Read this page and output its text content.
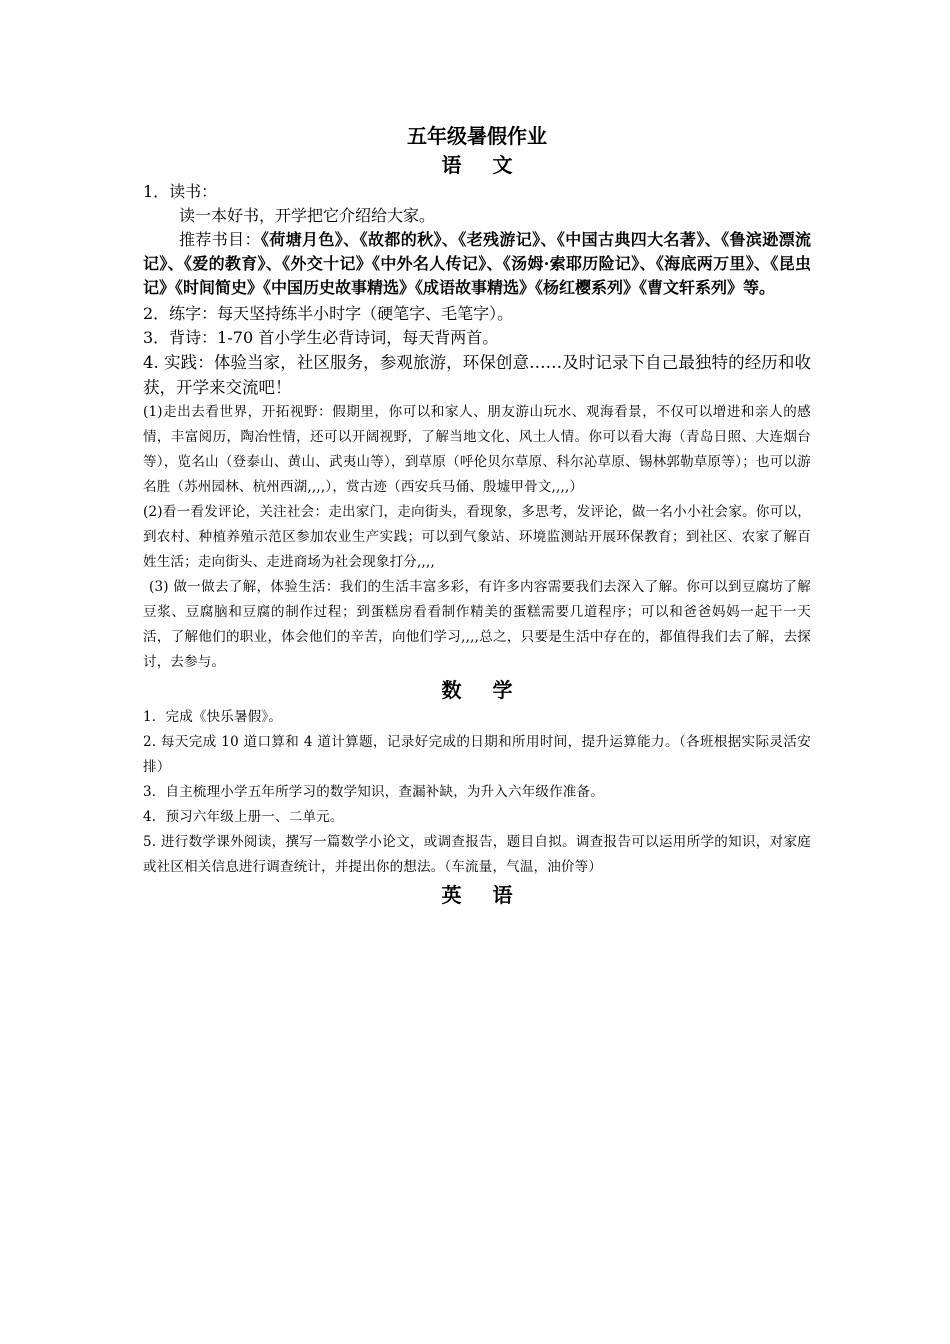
五年级暑假作业
语 文

1．读书：

读一本好书，开学把它介绍给大家。

推荐书目：《荷塘月色》、《故都的秋》、《老残游记》、《中国古典四大名著》、《鲁滨逊漂流记》、《爱的教育》、《外交十记》《中外名人传记》、《汤姆·索耶历险记》、《海底两万里》、《昆虫记》《时间简史》《中国历史故事精选》《成语故事精选》《杨红樱系列》《曹文轩系列》等。

2．练字：每天坚持练半小时字（硬笔字、毛笔字）。

3．背诗：1-70 首小学生必背诗词，每天背两首。

4. 实践：体验当家，社区服务，参观旅游，环保创意……及时记录下自己最独特的经历和收获，开学来交流吧！

(1)走出去看世界，开拓视野：假期里，你可以和家人、朋友游山玩水、观海看景，不仅可以增进和亲人的感情，丰富阅历，陶冶性情，还可以开阔视野，了解当地文化、风土人情。你可以看大海（青岛日照、大连烟台等），览名山（登泰山、黄山、武夷山等），到草原（呼伦贝尔草原、科尔沁草原、锡林郭勒草原等）；也可以游名胜（苏州园林、杭州西湖,,,,），赏古迹（西安兵马俑、殷墟甲骨文,,,,）

(2)看一看发评论，关注社会：走出家门，走向街头，看现象，多思考，发评论，做一名小小社会家。你可以，到农村、种植养殖示范区参加农业生产实践；可以到气象站、环境监测站开展环保教育；到社区、农家了解百姓生活；走向街头、走进商场为社会现象打分,,,,

(3) 做一做去了解，体验生活：我们的生活丰富多彩，有许多内容需要我们去深入了解。你可以到豆腐坊了解豆浆、豆腐脑和豆腐的制作过程；到蛋糕房看看制作精美的蛋糕需要几道程序；可以和爸爸妈妈一起干一天活，了解他们的职业，体会他们的辛苦，向他们学习,,,,总之，只要是生活中存在的，都值得我们去了解，去探讨，去参与。

数 学

1．完成《快乐暑假》。

2. 每天完成 10 道口算和 4 道计算题，记录好完成的日期和所用时间，提升运算能力。（各班根据实际灵活安排）

3．自主梳理小学五年所学习的数学知识，查漏补缺，为升入六年级作准备。

4．预习六年级上册一、二单元。

5. 进行数学课外阅读，撰写一篇数学小论文，或调查报告，题目自拟。调查报告可以运用所学的知识，对家庭或社区相关信息进行调查统计，并提出你的想法。（车流量，气温，油价等）

英 语
